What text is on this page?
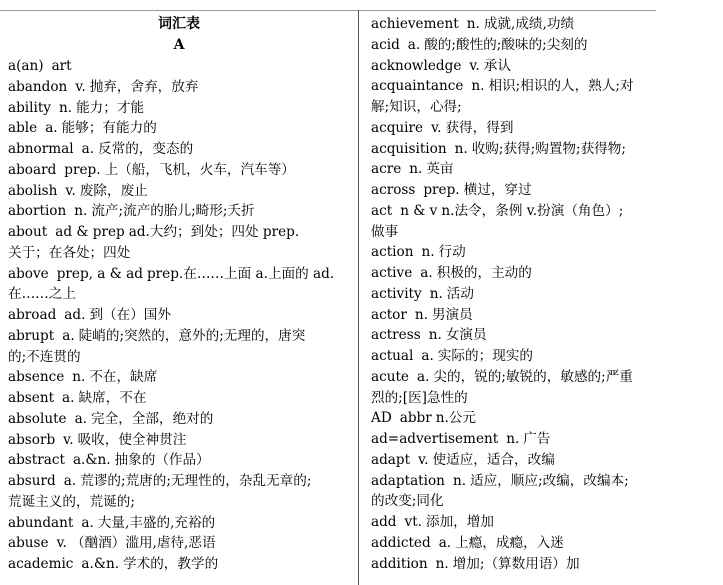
词汇表
A
a(an) art
abandon v. 抛弃，舍弃，放弃
ability n. 能力；才能
able a. 能够；有能力的
abnormal a. 反常的，变态的
aboard prep. 上（船，飞机，火车，汽车等）
abolish v. 废除，废止
abortion n. 流产;流产的胎儿;畸形;夭折
about ad & prep ad.大约；到处；四处 prep.
关于；在各处；四处
above prep, a & ad prep.在……上面 a.上面的 ad.
在……之上
abroad ad. 到（在）国外
abrupt a. 陡峭的;突然的，意外的;无理的，唐突
的;不连贯的
absence n. 不在，缺席
absent a. 缺席，不在
absolute a. 完全，全部，绝对的
absorb v. 吸收，使全神贯注
abstract a.&n. 抽象的（作品）
absurd a. 荒谬的;荒唐的;无理性的，杂乱无章的;
荒诞主义的，荒诞的;
abundant a. 大量,丰盛的,充裕的
abuse v. （酗酒）滥用,虐待,恶语
academic a.&n. 学术的，教学的
achievement n. 成就,成绩,功绩
acid a. 酸的;酸性的;酸味的;尖刻的
acknowledge v. 承认
acquaintance n. 相识;相识的人，熟人;对
解;知识，心得;
acquire v. 获得，得到
acquisition n. 收购;获得;购置物;获得物;
acre n. 英亩
across prep. 横过，穿过
act n & v n.法令，条例 v.扮演（角色）;
做事
action n. 行动
active a. 积极的，主动的
activity n. 活动
actor n. 男演员
actress n. 女演员
actual a. 实际的；现实的
acute a. 尖的，锐的;敏锐的，敏感的;严重
烈的;[医]急性的
AD abbr n.公元
ad=advertisement n. 广告
adapt v. 使适应，适合，改编
adaptation n. 适应，顺应;改编，改编本;
的改变;同化
add vt. 添加，增加
addicted a. 上瘾，成瘾，入迷
addition n. 增加;（算数用语）加
